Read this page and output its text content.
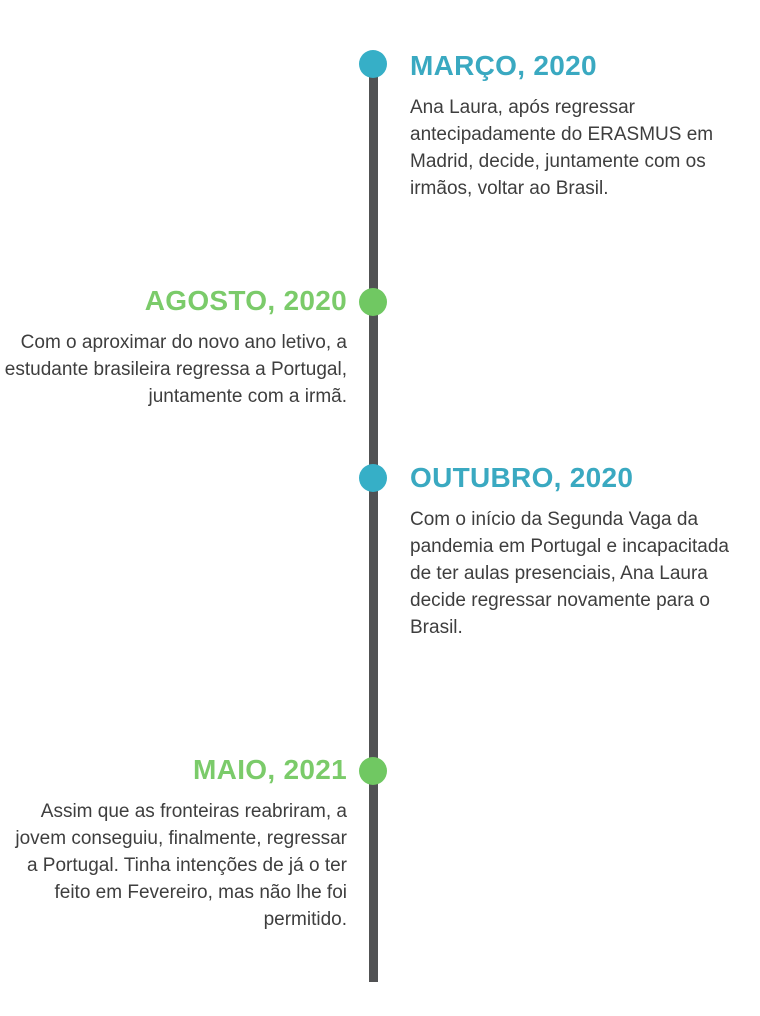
MARÇO, 2020

Ana Laura, após regressar antecipadamente do ERASMUS em Madrid, decide, juntamente com os irmãos, voltar ao Brasil.

AGOSTO, 2020

Com o aproximar do novo ano letivo, a estudante brasileira regressa a Portugal, juntamente com a irmã.

OUTUBRO, 2020

Com o início da Segunda Vaga da pandemia em Portugal e incapacitada de ter aulas presenciais, Ana Laura decide regressar novamente para o Brasil.

MAIO, 2021

Assim que as fronteiras reabriram, a jovem conseguiu, finalmente, regressar a Portugal. Tinha intenções de já o ter feito em Fevereiro, mas não lhe foi permitido.
